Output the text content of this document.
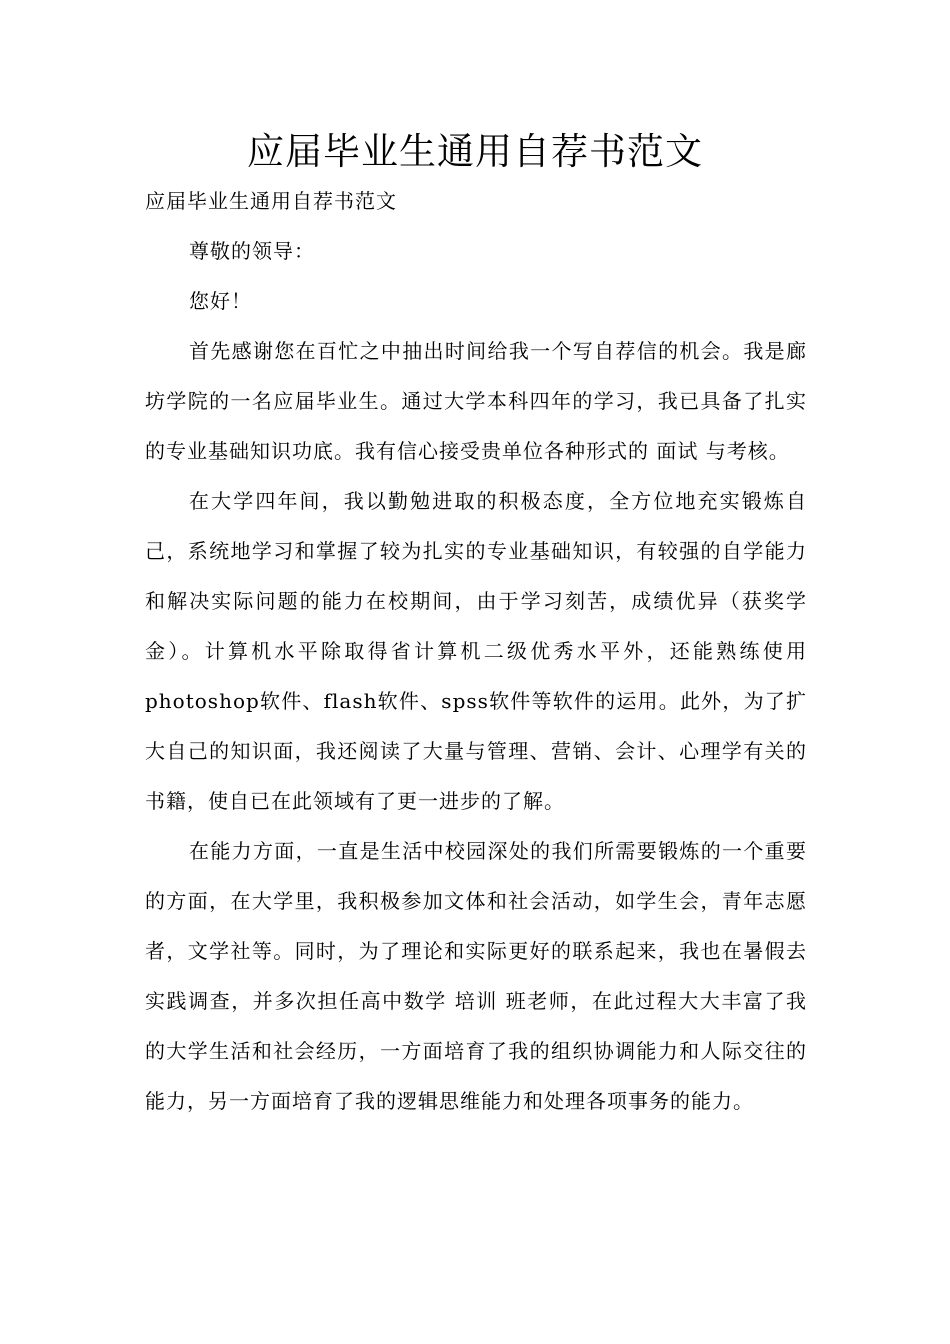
应届毕业生通用自荐书范文

应届毕业生通用自荐书范文

尊敬的领导：

您好！

首先感谢您在百忙之中抽出时间给我一个写自荐信的机会。我是廊坊学院的一名应届毕业生。通过大学本科四年的学习，我已具备了扎实的专业基础知识功底。我有信心接受贵单位各种形式的 面试 与考核。

在大学四年间，我以勤勉进取的积极态度，全方位地充实锻炼自己，系统地学习和掌握了较为扎实的专业基础知识，有较强的自学能力和解决实际问题的能力在校期间，由于学习刻苦，成绩优异（获奖学金）。计算机水平除取得省计算机二级优秀水平外，还能熟练使用photoshop软件、flash软件、spss软件等软件的运用。此外，为了扩大自己的知识面，我还阅读了大量与管理、营销、会计、心理学有关的书籍，使自已在此领域有了更一进步的了解。

在能力方面，一直是生活中校园深处的我们所需要锻炼的一个重要的方面，在大学里，我积极参加文体和社会活动，如学生会，青年志愿者，文学社等。同时，为了理论和实际更好的联系起来，我也在暑假去实践调查，并多次担任高中数学 培训 班老师，在此过程大大丰富了我的大学生活和社会经历，一方面培育了我的组织协调能力和人际交往的能力，另一方面培育了我的逻辑思维能力和处理各项事务的能力。
